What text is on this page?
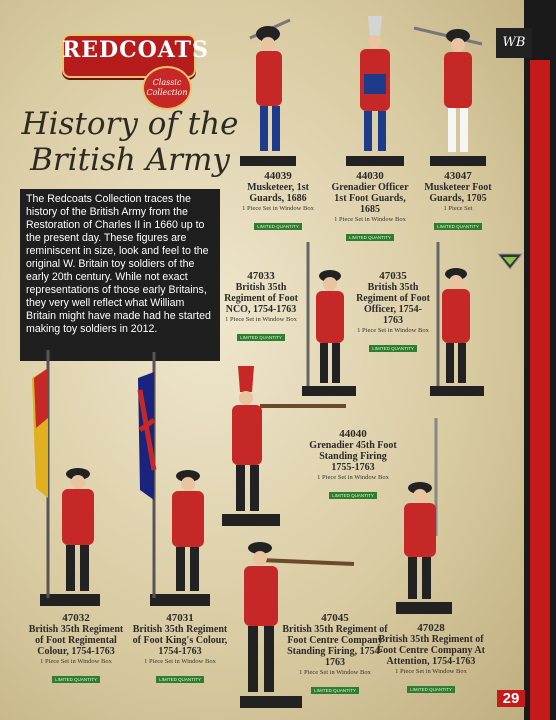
WB
REDCOATS
Classic Collection
History of the
British Army
The Redcoats Collection traces the history of the British Army from the Restoration of Charles II in 1660 up to the present day. These figures are reminiscent in size, look and feel to the original W. Britain toy soldiers of the early 20th century. While not exact representations of those early Britains, they very well reflect what William Britain might have made had he started making toy soldiers in 2012.
44039
Musketeer, 1st Guards, 1686
1 Piece Set in Window Box
LIMITED QUANTITY
44030
Grenadier Officer 1st Foot Guards, 1685
1 Piece Set in Window Box
LIMITED QUANTITY
43047
Musketeer Foot Guards, 1705
1 Piece Set
LIMITED QUANTITY
47033
British 35th Regiment of Foot NCO, 1754-1763
1 Piece Set in Window Box
LIMITED QUANTITY
47035
British 35th Regiment of Foot Officer, 1754-1763
1 Piece Set in Window Box
LIMITED QUANTITY
44040
Grenadier 45th Foot Standing Firing 1755-1763
1 Piece Set in Window Box
LIMITED QUANTITY
47032
British 35th Regiment of Foot Regimental Colour, 1754-1763
1 Piece Set in Window Box
LIMITED QUANTITY
47031
British 35th Regiment of Foot King's Colour, 1754-1763
1 Piece Set in Window Box
LIMITED QUANTITY
47045
British 35th Regiment of Foot Centre Company Standing Firing, 1754-1763
1 Piece Set in Window Box
LIMITED QUANTITY
47028
British 35th Regiment of Foot Centre Company At Attention, 1754-1763
1 Piece Set in Window Box
LIMITED QUANTITY
29
